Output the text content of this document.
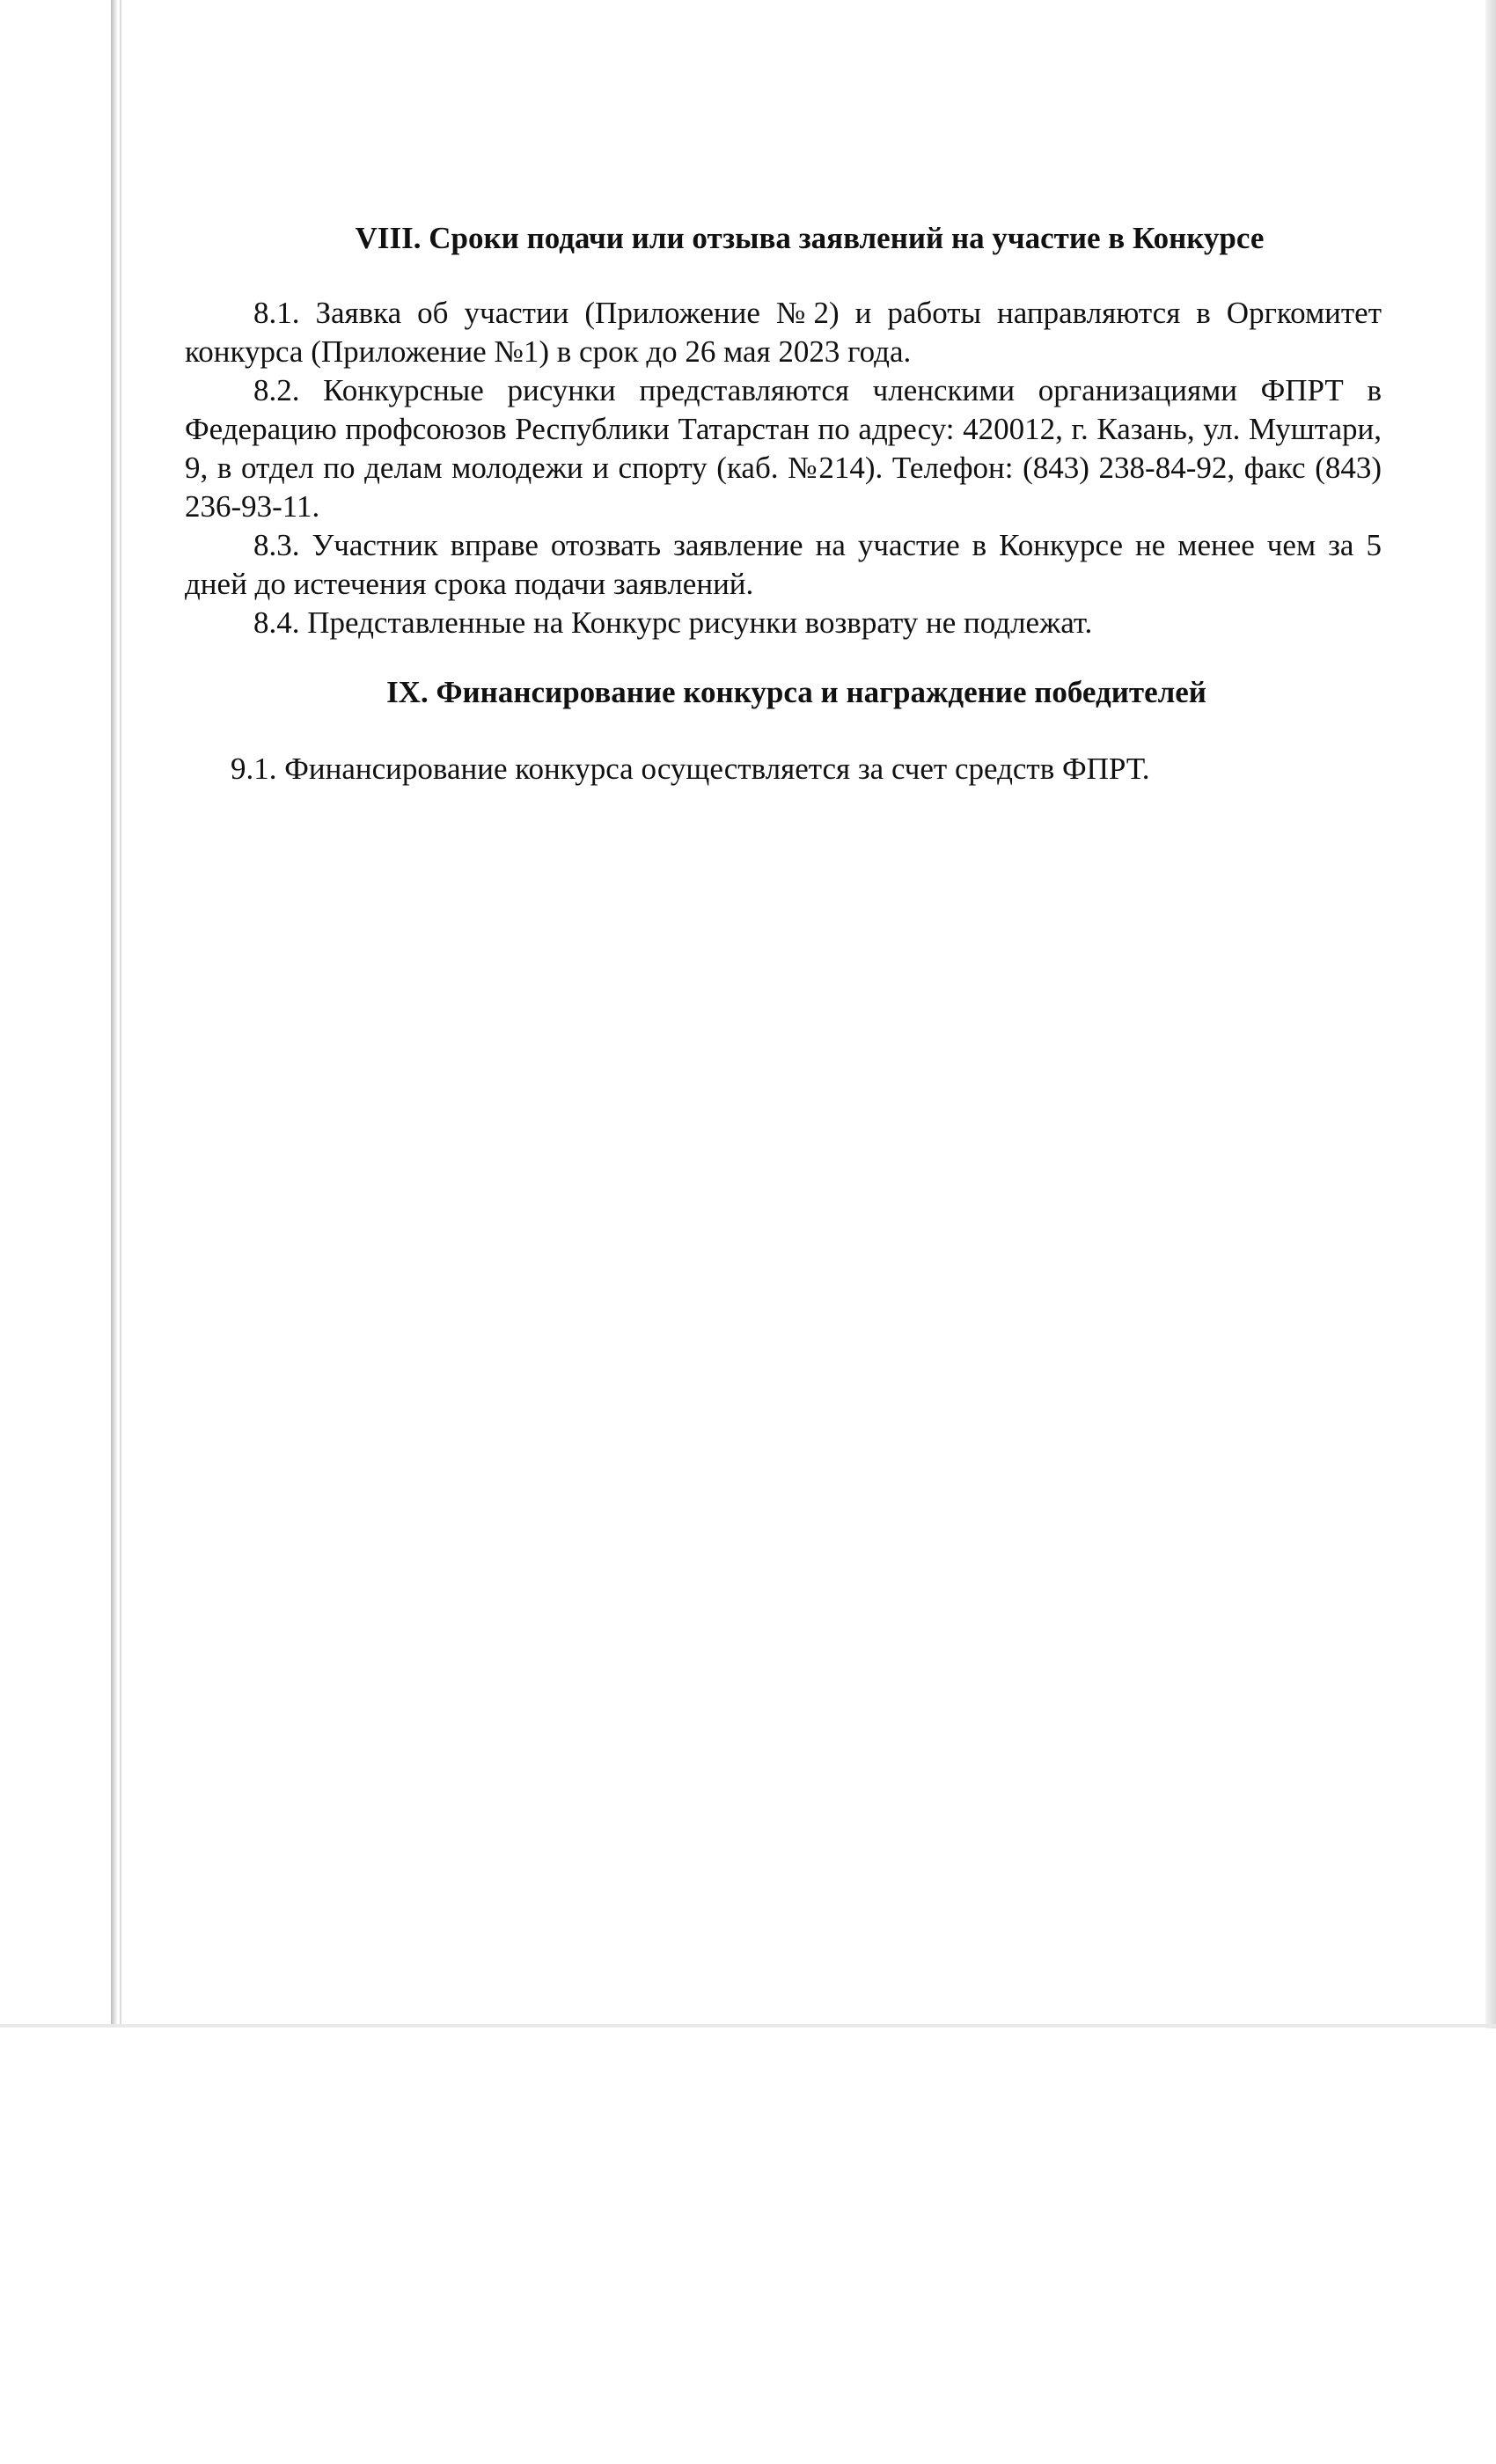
VIII. Сроки подачи или отзыва заявлений на участие в Конкурсе

8.1. Заявка об участии (Приложение №2) и работы направляются в Оргкомитет конкурса (Приложение №1) в срок до 26 мая 2023 года.

8.2. Конкурсные рисунки представляются членскими организациями ФПРТ в Федерацию профсоюзов Республики Татарстан по адресу: 420012, г. Казань, ул. Муштари, 9, в отдел по делам молодежи и спорту (каб. №214). Телефон: (843) 238-84-92, факс (843) 236-93-11.

8.3. Участник вправе отозвать заявление на участие в Конкурсе не менее чем за 5 дней до истечения срока подачи заявлений.

8.4. Представленные на Конкурс рисунки возврату не подлежат.

IX. Финансирование конкурса и награждение победителей

9.1. Финансирование конкурса осуществляется за счет средств ФПРТ.
